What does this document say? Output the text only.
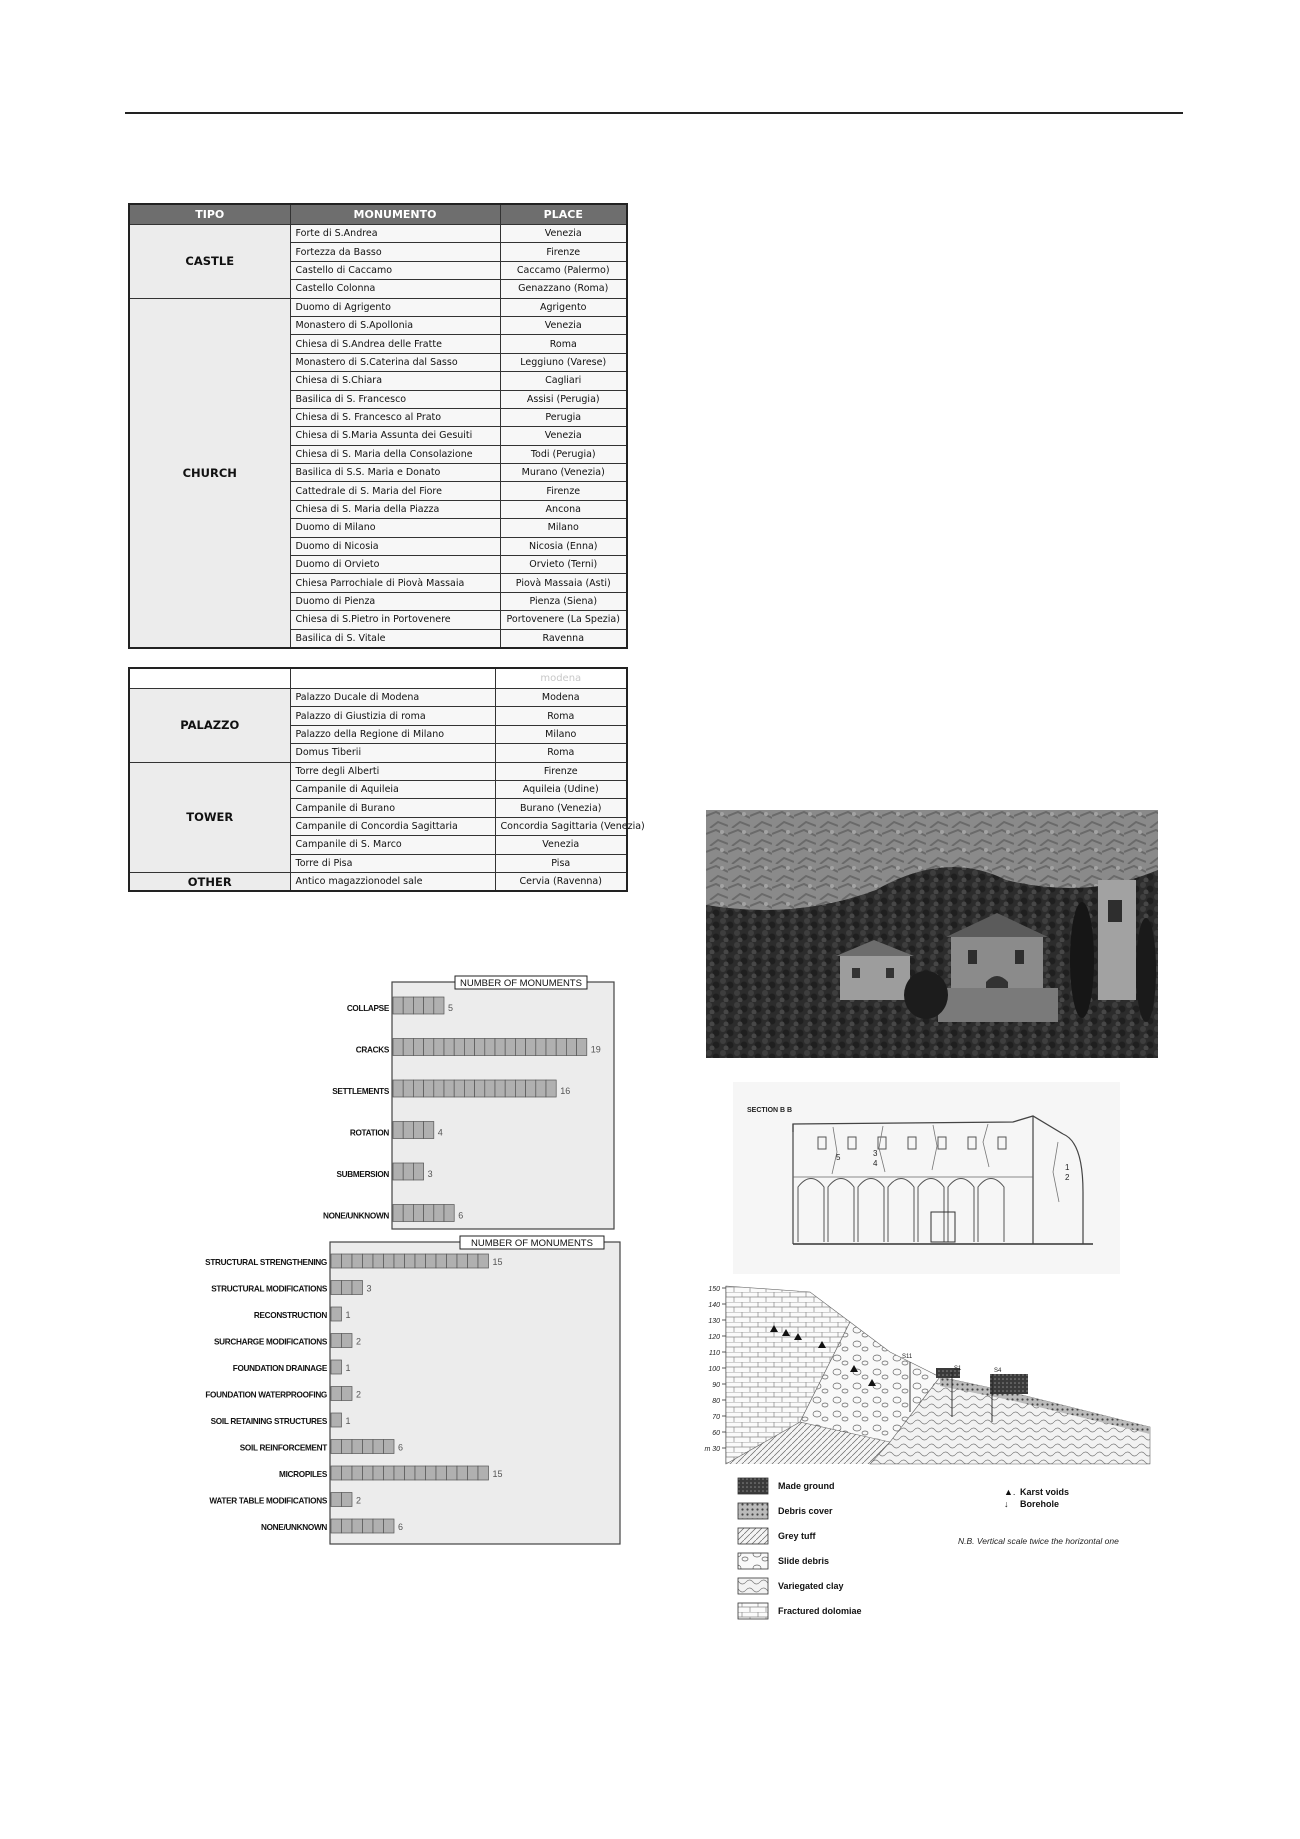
TIPO	MONUMENTO	PLACE
CASTLE	Forte di S.Andrea	Venezia
	Fortezza da Basso	Firenze
	Castello di Caccamo	Caccamo (Palermo)
	Castello Colonna	Genazzano (Roma)
CHURCH	Duomo di Agrigento	Agrigento
	Monastero di S.Apollonia	Venezia
	Chiesa di S.Andrea delle Fratte	Roma
	Monastero di S.Caterina dal Sasso	Leggiuno (Varese)
	Chiesa di S.Chiara	Cagliari
	Basilica di S. Francesco	Assisi (Perugia)
	Chiesa di S. Francesco al Prato	Perugia
	Chiesa di S.Maria Assunta dei Gesuiti	Venezia
	Chiesa di S. Maria della Consolazione	Todi (Perugia)
	Basilica di S.S. Maria e Donato	Murano (Venezia)
	Cattedrale di S. Maria del Fiore	Firenze
	Chiesa di S. Maria della Piazza	Ancona
	Duomo di Milano	Milano
	Duomo di Nicosia	Nicosia (Enna)
	Duomo di Orvieto	Orvieto (Terni)
	Chiesa Parrochiale di Piovà Massaia	Piovà Massaia (Asti)
	Duomo di Pienza	Pienza (Siena)
	Chiesa di S.Pietro in Portovenere	Portovenere (La Spezia)
	Basilica di S. Vitale	Ravenna
		modena
PALAZZO	Palazzo Ducale di Modena	Modena
	Palazzo di Giustizia di roma	Roma
	Palazzo della Regione di Milano	Milano
	Domus Tiberii	Roma
TOWER	Torre degli Alberti	Firenze
	Campanile di Aquileia	Aquileia (Udine)
	Campanile di Burano	Burano (Venezia)
	Campanile di Concordia Sagittaria	Concordia Sagittaria (Venezia)
	Campanile di S. Marco	Venezia
	Torre di Pisa	Pisa
OTHER	Antico magazzionodel sale	Cervia (Ravenna)
NUMBER OF MONUMENTS
COLLAPSE	5
CRACKS	19
SETTLEMENTS	16
ROTATION	4
SUBMERSION	3
NONE/UNKNOWN	6
NUMBER OF MONUMENTS
STRUCTURAL STRENGTHENING	15
STRUCTURAL MODIFICATIONS	3
RECONSTRUCTION 1
SURCHARGE MODIFICATIONS	2
FOUNDATION DRAINAGE 1
FOUNDATION WATERPROOFING	2
SOIL RETAINING STRUCTURES 1
SOIL REINFORCEMENT	6
MICROPILES	15
WATER TABLE MODIFICATIONS	2
NONE/UNKNOWN	6
SECTION B B
5	3
4	1
2
150
140
130
120
110
100
90
80
70
60
m 30
S11
S1	S4
Made ground
Debris cover
Grey tuff
Slide debris
Variegated clay
Fractured dolomiae
▲. Karst voids
↓ Borehole
N.B. Vertical scale twice the horizontal one
